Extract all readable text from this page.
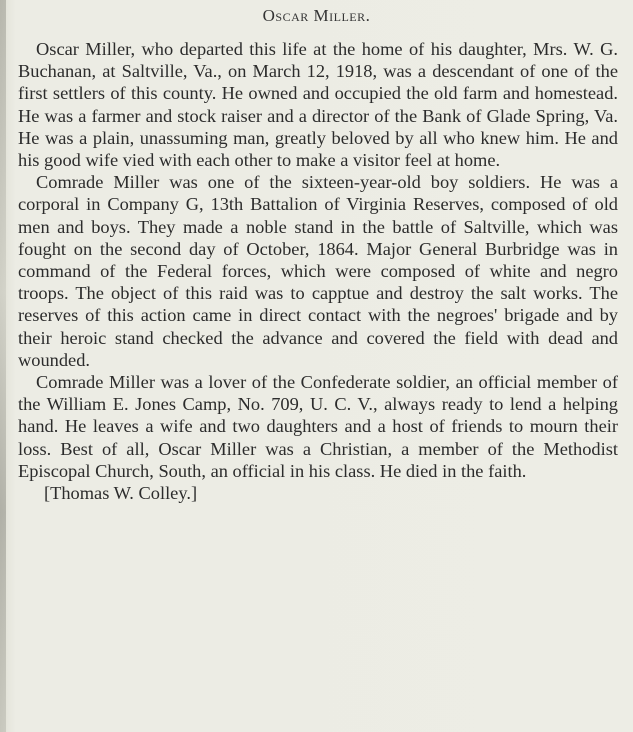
Oscar Miller.

Oscar Miller, who departed this life at the home of his daughter, Mrs. W. G. Buchanan, at Saltville, Va., on March 12, 1918, was a descendant of one of the first settlers of this county. He owned and occupied the old farm and homestead. He was a farmer and stock raiser and a director of the Bank of Glade Spring, Va. He was a plain, unassuming man, greatly beloved by all who knew him. He and his good wife vied with each other to make a visitor feel at home.

Comrade Miller was one of the sixteen-year-old boy soldiers. He was a corporal in Company G, 13th Battalion of Virginia Reserves, composed of old men and boys. They made a noble stand in the battle of Saltville, which was fought on the second day of October, 1864. Major General Burbridge was in command of the Federal forces, which were composed of white and negro troops. The object of this raid was to capptue and destroy the salt works. The reserves of this action came in direct contact with the negroes' brigade and by their heroic stand checked the advance and covered the field with dead and wounded.

Comrade Miller was a lover of the Confederate soldier, an official member of the William E. Jones Camp, No. 709, U. C. V., always ready to lend a helping hand. He leaves a wife and two daughters and a host of friends to mourn their loss. Best of all, Oscar Miller was a Christian, a member of the Methodist Episcopal Church, South, an official in his class. He died in the faith.

[Thomas W. Colley.]
